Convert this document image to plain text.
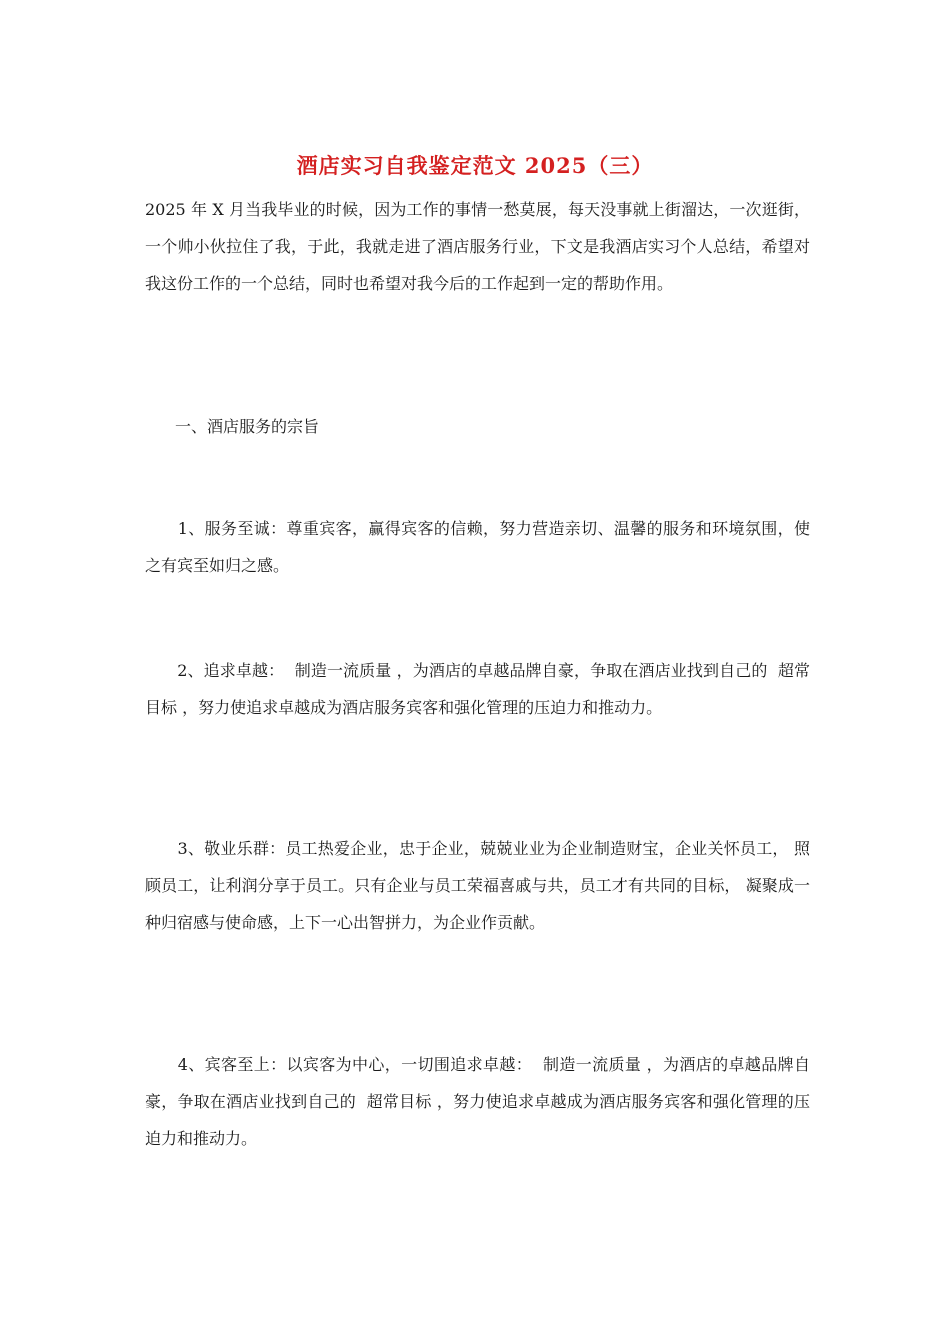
酒店实习自我鉴定范文 2025（三）
2025 年 X 月当我毕业的时候，因为工作的事情一愁莫展，每天没事就上街溜达，一次逛街，一个帅小伙拉住了我，于此，我就走进了酒店服务行业，下文是我酒店实习个人总结，希望对我这份工作的一个总结，同时也希望对我今后的工作起到一定的帮助作用。
一、酒店服务的宗旨
　　1、服务至诚：尊重宾客，赢得宾客的信赖，努力营造亲切、温馨的服务和环境氛围，使之有宾至如归之感。
　　2、追求卓越：  制造一流质量 ，为酒店的卓越品牌自豪，争取在酒店业找到自己的  超常目标 ，努力使追求卓越成为酒店服务宾客和强化管理的压迫力和推动力。
　　3、敬业乐群：员工热爱企业，忠于企业，兢兢业业为企业制造财宝，企业关怀员工， 照顾员工，让利润分享于员工。只有企业与员工荣福喜戚与共，员工才有共同的目标， 凝聚成一种归宿感与使命感，上下一心出智拼力，为企业作贡献。
　　4、宾客至上：以宾客为中心，一切围追求卓越：  制造一流质量 ，为酒店的卓越品牌自豪，争取在酒店业找到自己的  超常目标 ，努力使追求卓越成为酒店服务宾客和强化管理的压迫力和推动力。
